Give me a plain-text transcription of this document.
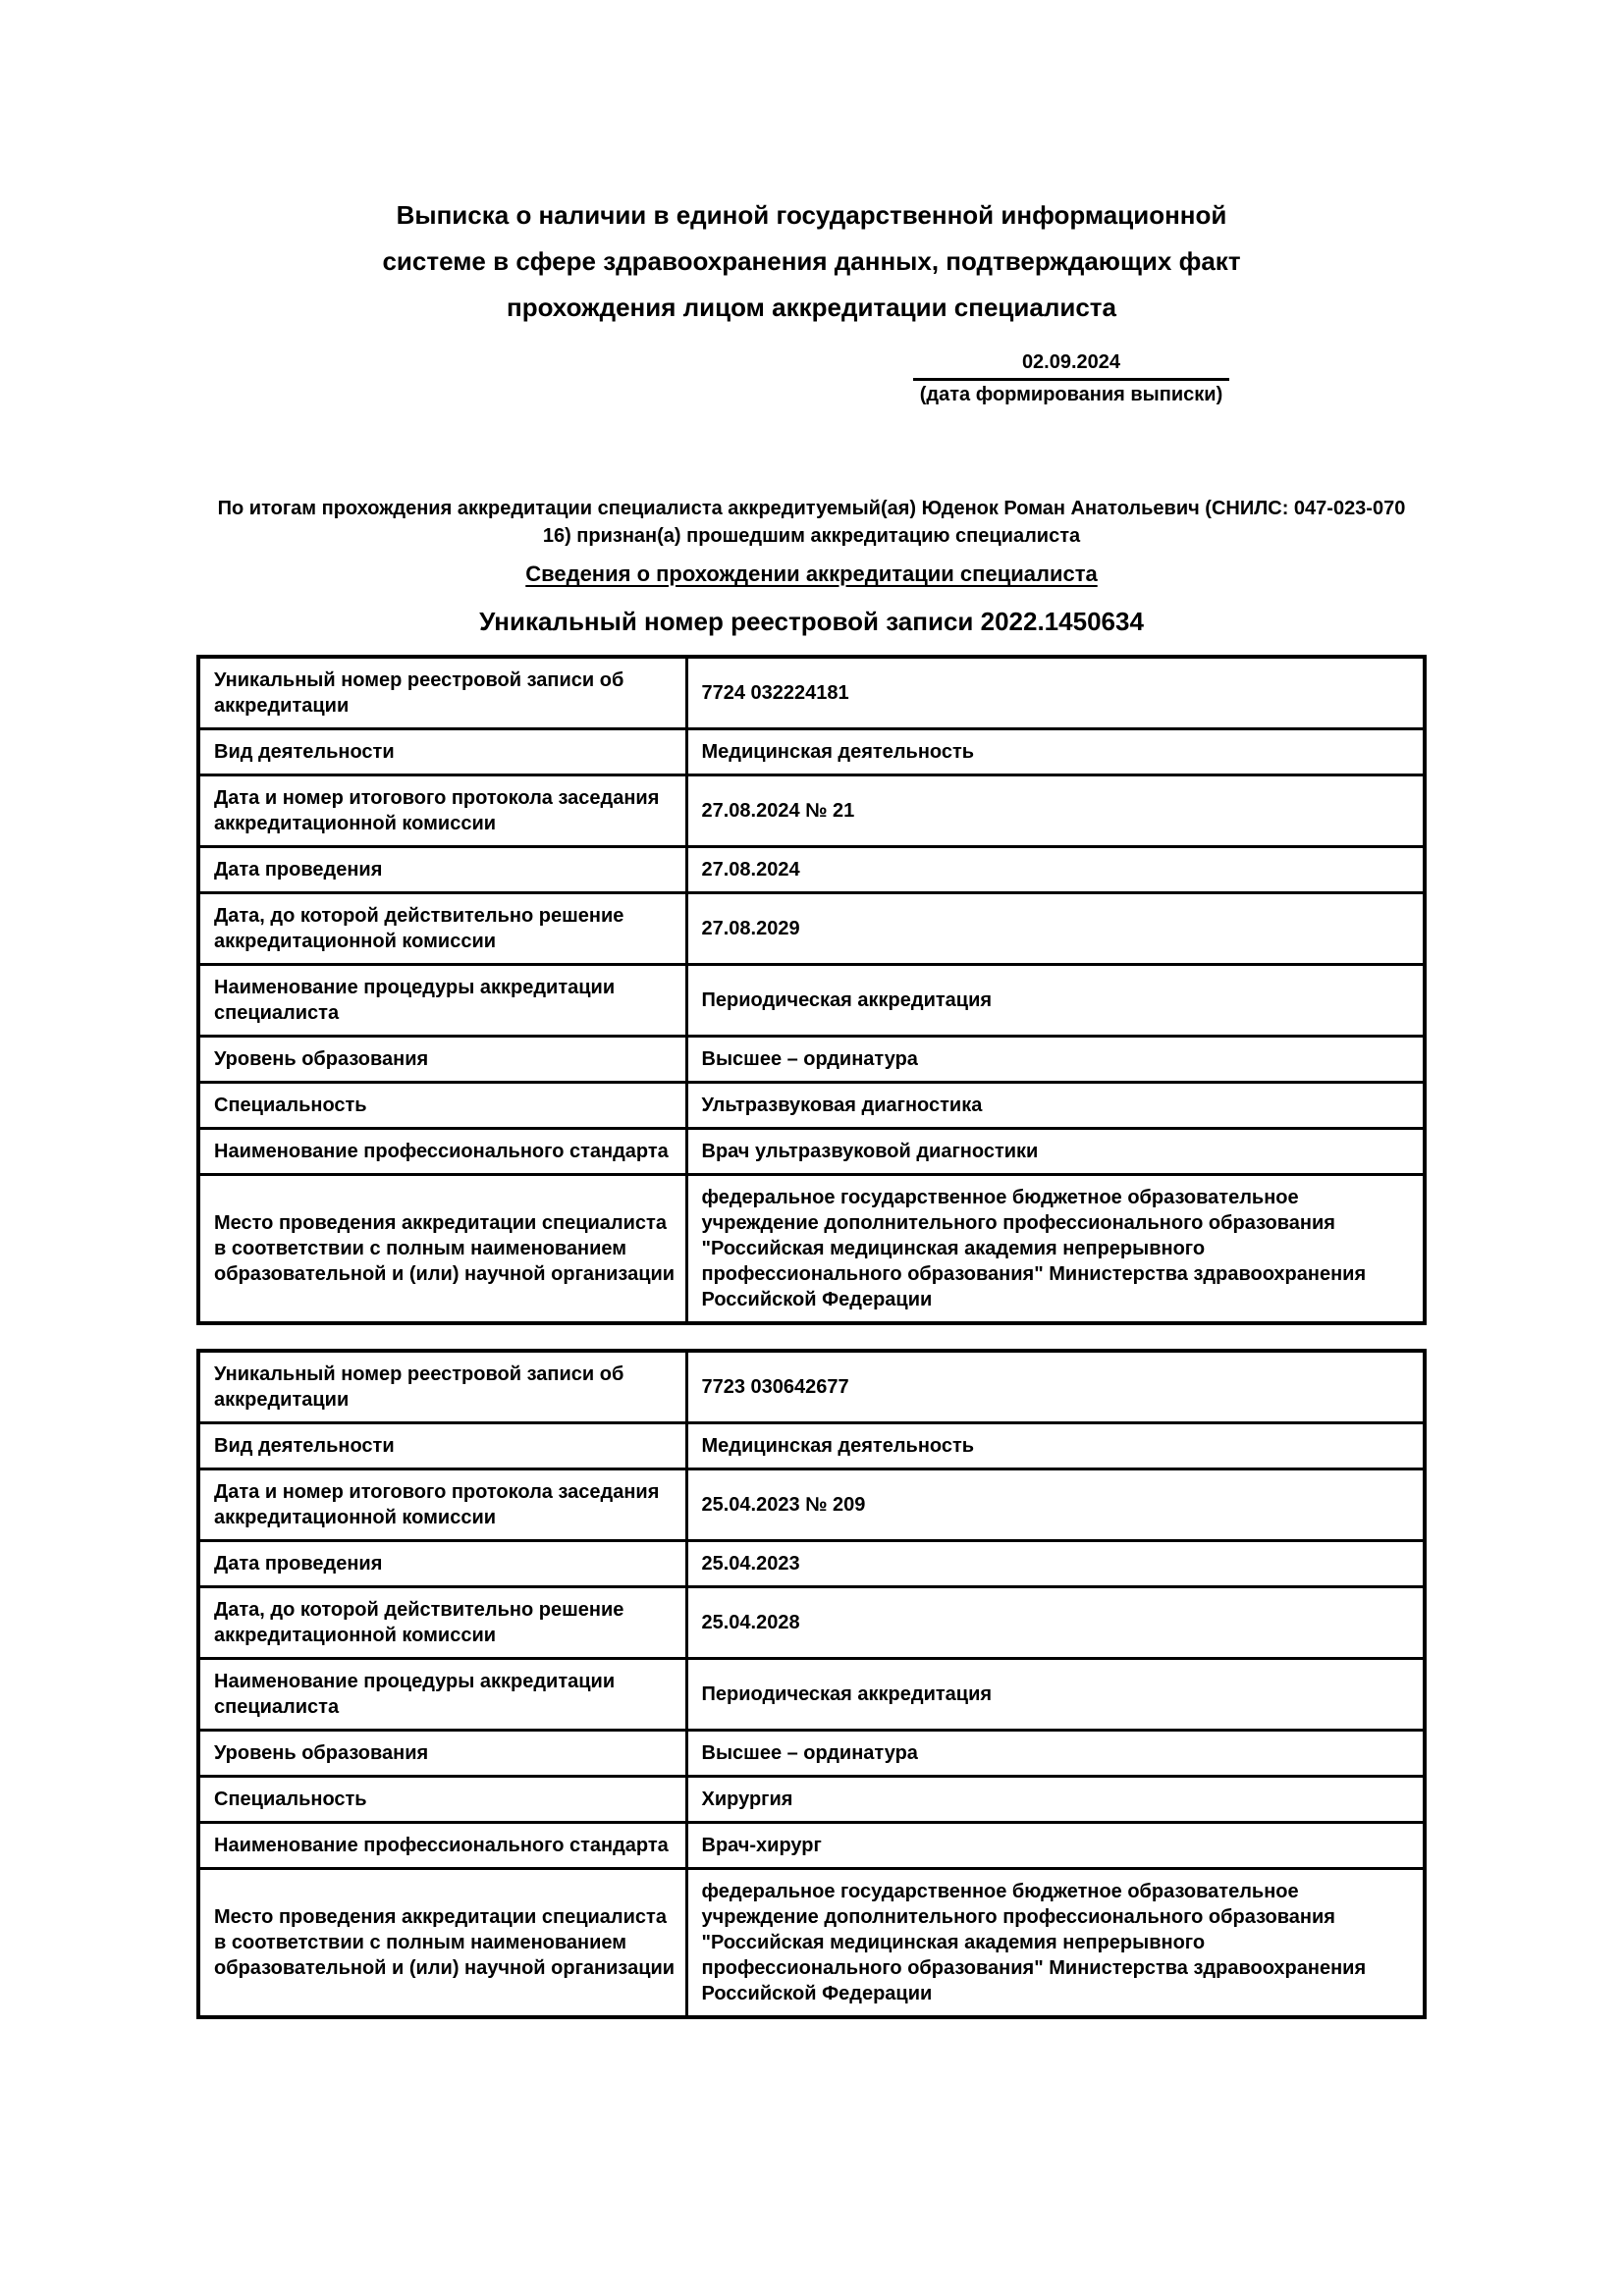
Выписка о наличии в единой государственной информационной системе в сфере здравоохранения данных, подтверждающих факт прохождения лицом аккредитации специалиста
02.09.2024
(дата формирования выписки)
По итогам прохождения аккредитации специалиста аккредитуемый(ая) Юденок Роман Анатольевич (СНИЛС: 047-023-070 16) признан(а) прошедшим аккредитацию специалиста
Сведения о прохождении аккредитации специалиста
Уникальный номер реестровой записи 2022.1450634
Уникальный номер реестровой записи об аккредитации	7724 032224181
Вид деятельности	Медицинская деятельность
Дата и номер итогового протокола заседания аккредитационной комиссии	27.08.2024 № 21
Дата проведения	27.08.2024
Дата, до которой действительно решение аккредитационной комиссии	27.08.2029
Наименование процедуры аккредитации специалиста	Периодическая аккредитация
Уровень образования	Высшее – ординатура
Специальность	Ультразвуковая диагностика
Наименование профессионального стандарта	Врач ультразвуковой диагностики
Место проведения аккредитации специалиста в соответствии с полным наименованием образовательной и (или) научной организации	федеральное государственное бюджетное образовательное учреждение дополнительного профессионального образования "Российская медицинская академия непрерывного профессионального образования" Министерства здравоохранения Российской Федерации
Уникальный номер реестровой записи об аккредитации	7723 030642677
Вид деятельности	Медицинская деятельность
Дата и номер итогового протокола заседания аккредитационной комиссии	25.04.2023 № 209
Дата проведения	25.04.2023
Дата, до которой действительно решение аккредитационной комиссии	25.04.2028
Наименование процедуры аккредитации специалиста	Периодическая аккредитация
Уровень образования	Высшее – ординатура
Специальность	Хирургия
Наименование профессионального стандарта	Врач-хирург
Место проведения аккредитации специалиста в соответствии с полным наименованием образовательной и (или) научной организации	федеральное государственное бюджетное образовательное учреждение дополнительного профессионального образования "Российская медицинская академия непрерывного профессионального образования" Министерства здравоохранения Российской Федерации
